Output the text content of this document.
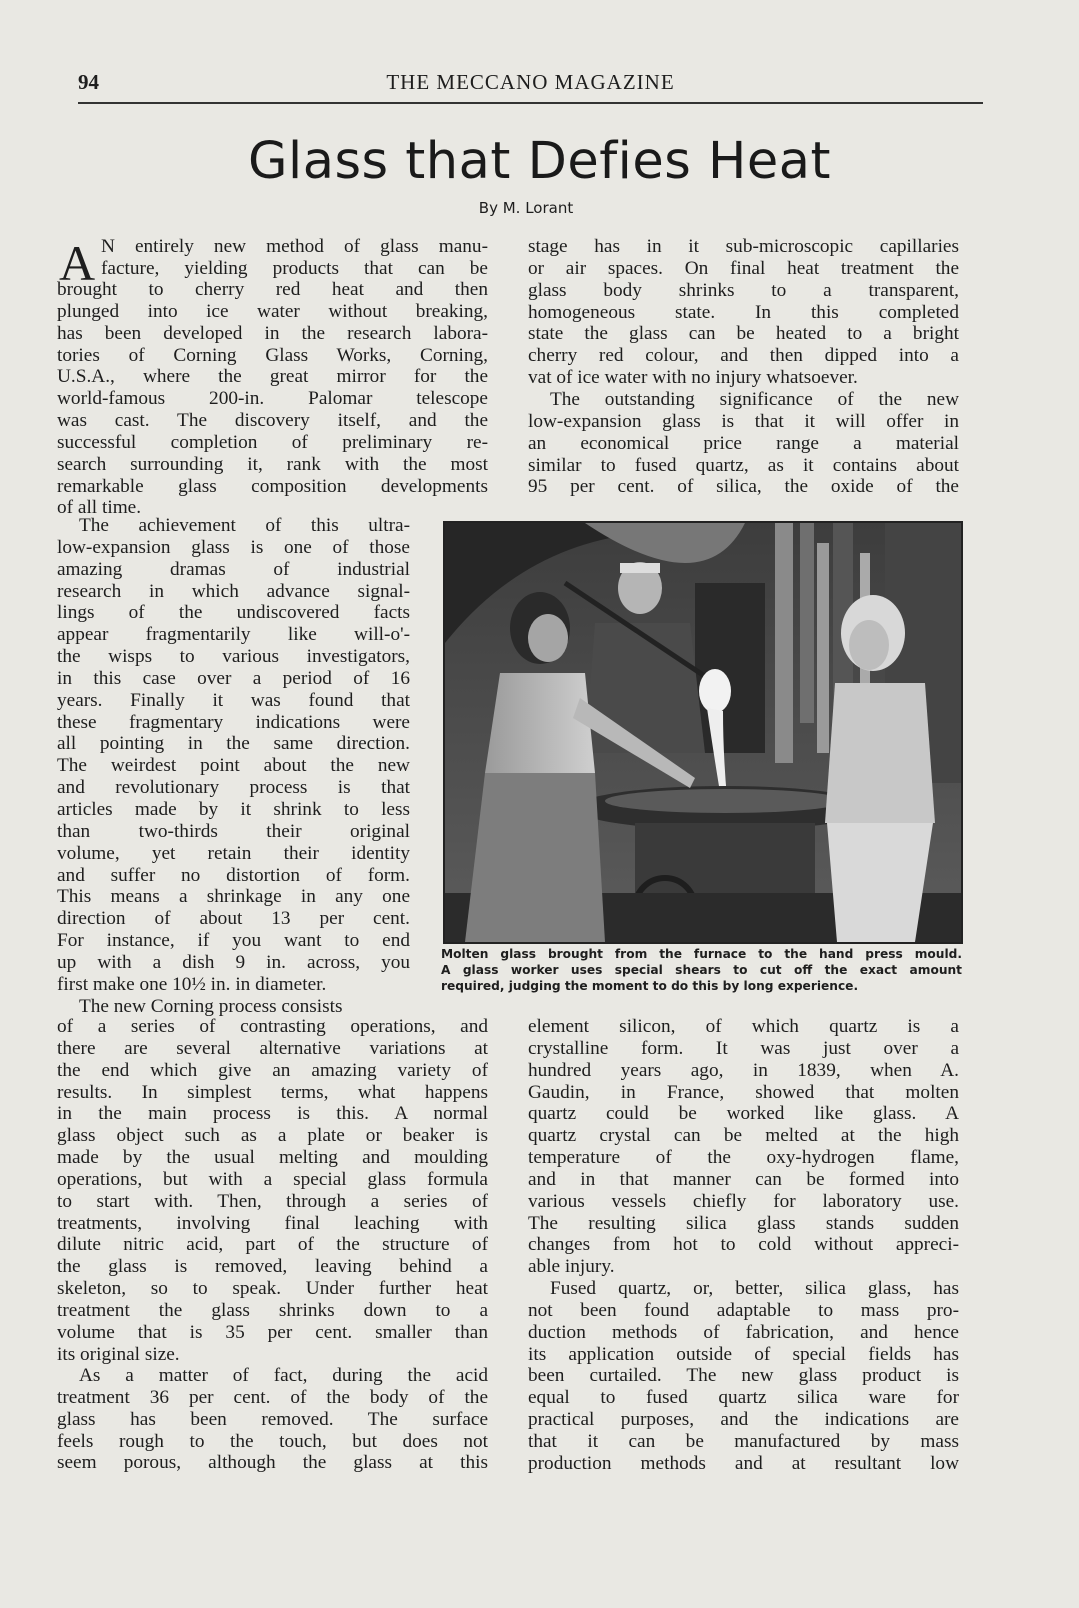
94	THE MECCANO MAGAZINE
Glass that Defies Heat
By M. Lorant
A N entirely new method of glass manu-
facture, yielding products that can be
brought to cherry red heat and then
plunged into ice water without breaking,
has been developed in the research labora-
tories of Corning Glass Works, Corning,
U.S.A., where the great mirror for the
world-famous 200-in. Palomar telescope
was cast. The discovery itself, and the
successful completion of preliminary re-
search surrounding it, rank with the most
remarkable glass composition developments
of all time.
The achievement of this ultra-
low-expansion glass is one of those
amazing dramas of industrial
research in which advance signal-
lings of the undiscovered facts
appear fragmentarily like will-o'-
the wisps to various investigators,
in this case over a period of 16
years. Finally it was found that
these fragmentary indications were
all pointing in the same direction.
The weirdest point about the new
and revolutionary process is that
articles made by it shrink to less
than two-thirds their original
volume, yet retain their identity
and suffer no distortion of form.
This means a shrinkage in any one
direction of about 13 per cent.
For instance, if you want to end
up with a dish 9 in. across, you
first make one 10½ in. in diameter.
The new Corning process consists
of a series of contrasting operations, and
there are several alternative variations at
the end which give an amazing variety of
results. In simplest terms, what happens
in the main process is this. A normal
glass object such as a plate or beaker is
made by the usual melting and moulding
operations, but with a special glass formula
to start with. Then, through a series of
treatments, involving final leaching with
dilute nitric acid, part of the structure of
the glass is removed, leaving behind a
skeleton, so to speak. Under further heat
treatment the glass shrinks down to a
volume that is 35 per cent. smaller than
its original size.
As a matter of fact, during the acid
treatment 36 per cent. of the body of the
glass has been removed. The surface
feels rough to the touch, but does not
seem porous, although the glass at this
stage has in it sub-microscopic capillaries
or air spaces. On final heat treatment the
glass body shrinks to a transparent,
homogeneous state. In this completed
state the glass can be heated to a bright
cherry red colour, and then dipped into a
vat of ice water with no injury whatsoever.
The outstanding significance of the new
low-expansion glass is that it will offer in
an economical price range a material
similar to fused quartz, as it contains about
95 per cent. of silica, the oxide of the
Molten glass brought from the furnace to the hand press mould.
A glass worker uses special shears to cut off the exact amount
required, judging the moment to do this by long experience.
element silicon, of which quartz is a
crystalline form. It was just over a
hundred years ago, in 1839, when A.
Gaudin, in France, showed that molten
quartz could be worked like glass. A
quartz crystal can be melted at the high
temperature of the oxy-hydrogen flame,
and in that manner can be formed into
various vessels chiefly for laboratory use.
The resulting silica glass stands sudden
changes from hot to cold without appreci-
able injury.
Fused quartz, or, better, silica glass, has
not been found adaptable to mass pro-
duction methods of fabrication, and hence
its application outside of special fields has
been curtailed. The new glass product is
equal to fused quartz silica ware for
practical purposes, and the indications are
that it can be manufactured by mass
production methods and at resultant low
